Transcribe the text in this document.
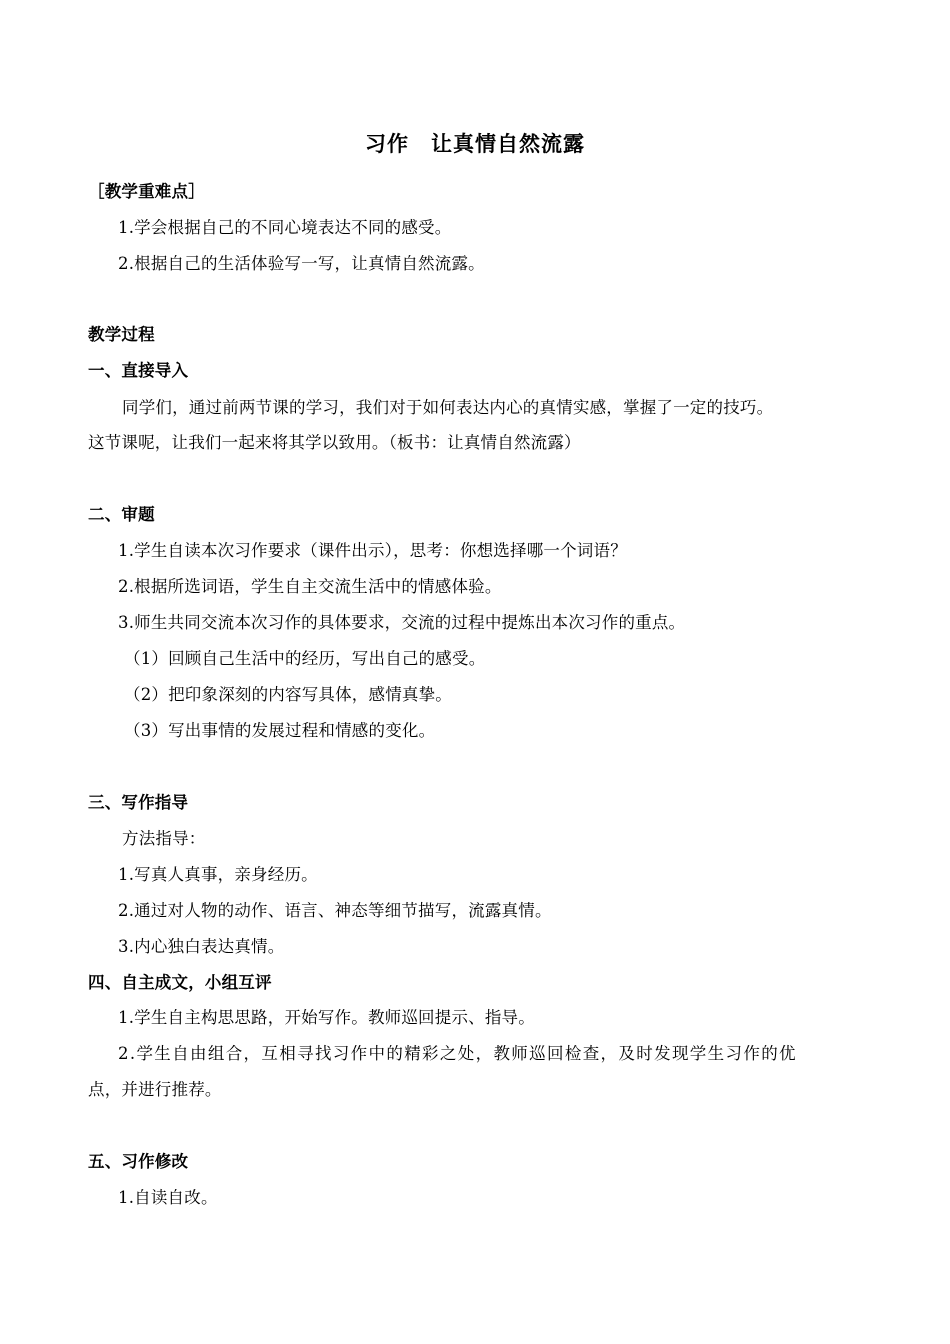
习作　让真情自然流露
［教学重难点］
1.学会根据自己的不同心境表达不同的感受。
2.根据自己的生活体验写一写，让真情自然流露。
教学过程
一、直接导入
同学们，通过前两节课的学习，我们对于如何表达内心的真情实感，掌握了一定的技巧。
这节课呢，让我们一起来将其学以致用。（板书：让真情自然流露）
二、审题
1.学生自读本次习作要求（课件出示），思考：你想选择哪一个词语？
2.根据所选词语，学生自主交流生活中的情感体验。
3.师生共同交流本次习作的具体要求，交流的过程中提炼出本次习作的重点。
（1）回顾自己生活中的经历，写出自己的感受。
（2）把印象深刻的内容写具体，感情真挚。
（3）写出事情的发展过程和情感的变化。
三、写作指导
方法指导：
1.写真人真事，亲身经历。
2.通过对人物的动作、语言、神态等细节描写，流露真情。
3.内心独白表达真情。
四、自主成文，小组互评
1.学生自主构思思路，开始写作。教师巡回提示、指导。
2.学生自由组合，互相寻找习作中的精彩之处，教师巡回检查，及时发现学生习作的优
点，并进行推荐。
五、习作修改
1.自读自改。
